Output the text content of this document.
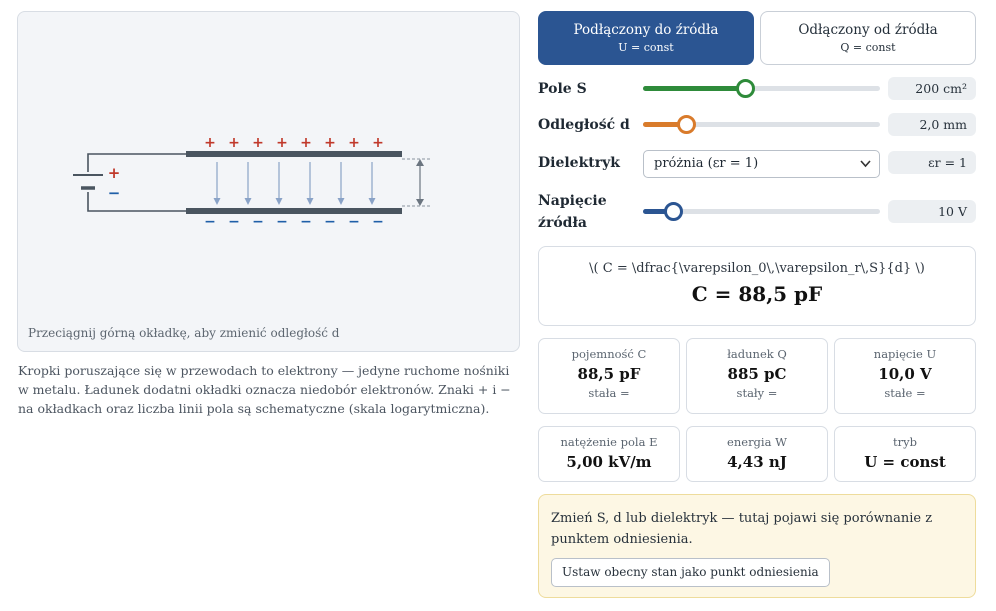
+
−
+
−
+
−
+
−
+
−
+
−
+
−
+
−
+
−
Przeciągnij górną okładkę, aby zmienić odległość d
Kropki poruszające się w przewodach to elektrony — jedyne ruchome nośniki w metalu. Ładunek dodatni okładki oznacza niedobór elektronów. Znaki + i − na okładkach oraz liczba linii pola są schematyczne (skala logarytmiczna).
Podłączony do źródła
U = const
Odłączony od źródła
Q = const
Pole S	200 cm²
Odległość d	2,0 mm
Dielektryk	próżnia (εr = 1)	εr = 1
Napięcie
źródła
10 V
\( C = \dfrac{\varepsilon_0\,\varepsilon_r\,S}{d} \)
C = 88,5 pF
pojemność C
88,5 pF
stała =
ładunek Q
885 pC
stały =
napięcie U
10,0 V
stałe =
natężenie pola E
5,00 kV/m
energia W
4,43 nJ
tryb
U = const
Zmień S, d lub dielektryk — tutaj pojawi się porównanie z punktem odniesienia.
Ustaw obecny stan jako punkt odniesienia
